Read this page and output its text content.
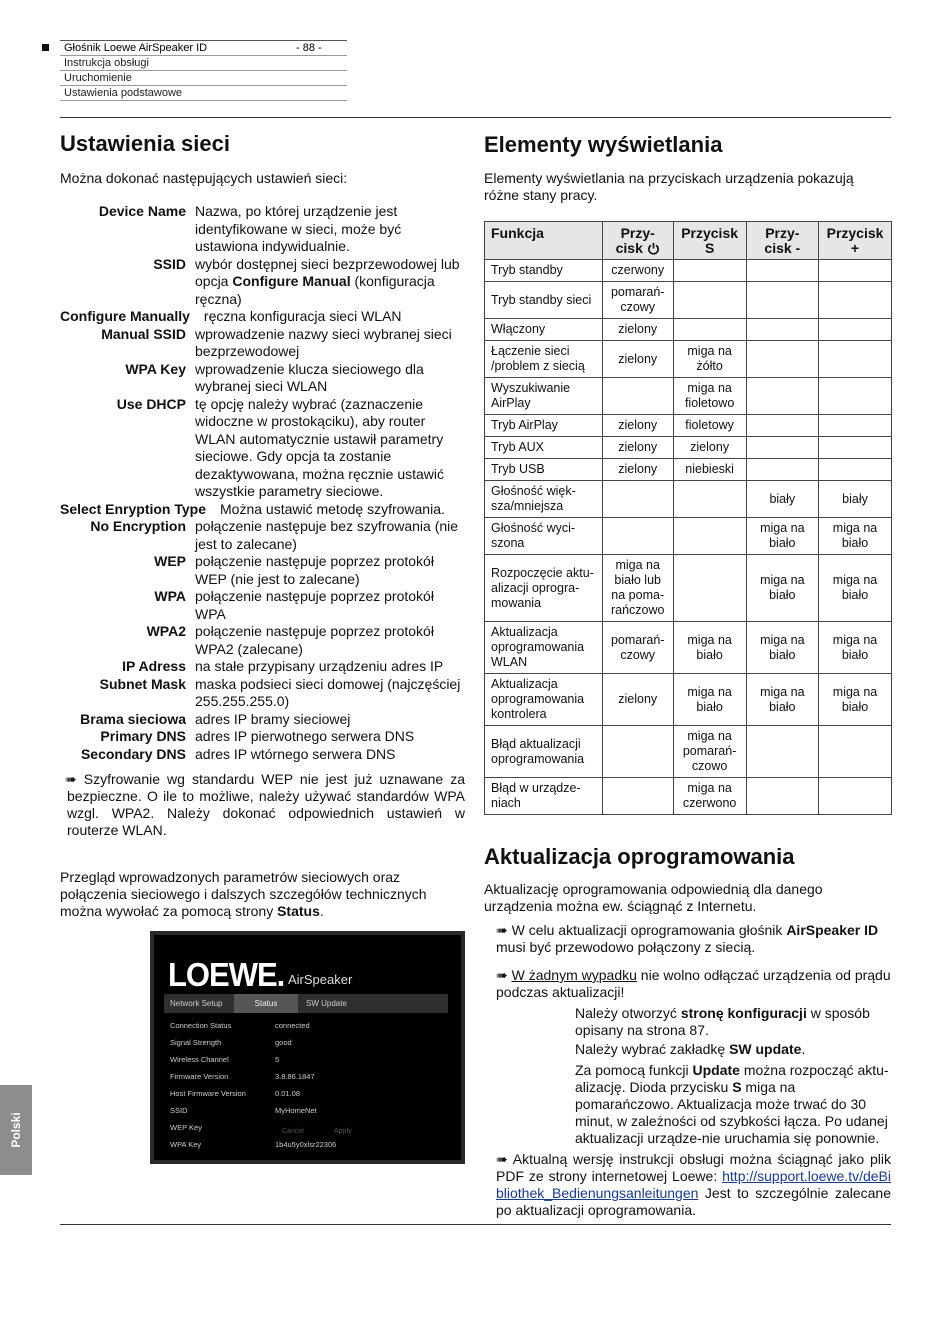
Głośnik Loewe AirSpeaker ID	- 88 -
Instrukcja obsługi
Uruchomienie
Ustawienia podstawowe
Ustawienia sieci
Można dokonać następujących ustawień sieci:
Device Name Nazwa, po której urządzenie jest identyfikowane w sieci, może być ustawiona indywidualnie.
SSID wybór dostępnej sieci bezprzewodowej lub opcja Configure Manual (konfiguracja ręczna)
Configure Manually	ręczna konfiguracja sieci WLAN
Manual SSID wprowadzenie nazwy sieci wybranej sieci bezprzewodowej
WPA Key wprowadzenie klucza sieciowego dla wybranej sieci WLAN
Use DHCP tę opcję należy wybrać (zaznaczenie widoczne w prostokąciku), aby router WLAN automatycznie ustawił parametry sieciowe. Gdy opcja ta zostanie dezaktywowana, można ręcznie ustawić wszystkie parametry sieciowe.
Select Enryption Type	Można ustawić metodę szyfrowania.
No Encryption połączenie następuje bez szyfrowania (nie jest to zalecane)
WEP połączenie następuje poprzez protokół WEP (nie jest to zalecane)
WPA połączenie następuje poprzez protokół WPA
WPA2 połączenie następuje poprzez protokół WPA2 (zalecane)
IP Adress na stałe przypisany urządzeniu adres IP
Subnet Mask maska podsieci sieci domowej (najczęściej 255.255.255.0)
Brama sieciowa adres IP bramy sieciowej
Primary DNS adres IP pierwotnego serwera DNS
Secondary DNS adres IP wtórnego serwera DNS
➠ Szyfrowanie wg standardu WEP nie jest już uznawane za bezpieczne. O ile to możliwe, należy używać standardów WPA wzgl. WPA2. Należy dokonać odpowiednich ustawień w routerze WLAN.
Przegląd wprowadzonych parametrów sieciowych oraz połączenia sieciowego i dalszych szczegółów technicznych można wywołać za pomocą strony Status.
LOEWE. AirSpeaker
Network Setup	Status	SW Update
Connection Status	connected
Signal Strength	good
Wireless Channel	5
Firmware Version	3.8.86.1847
Host Firmware Version	0.01.08
SSID	MyHomeNet
WEP Key	Cancel	Apply
WPA Key	1b4u5y0xlsr22306
Elementy wyświetlania
Elementy wyświetlania na przyciskach urządzenia pokazują różne stany pracy.
Funkcja	Przy-cisk	Przycisk S	Przy-cisk -	Przycisk +
Tryb standby	czerwony			
Tryb standby sieci	pomarań-czowy			
Włączony	zielony			
Łączenie sieci /problem z siecią	zielony	miga na żółto		
Wyszukiwanie AirPlay		miga na fioletowo		
Tryb AirPlay	zielony	fioletowy		
Tryb AUX	zielony	zielony		
Tryb USB	zielony	niebieski		
Głośność więk-sza/mniejsza			biały	biały
Głośność wyci-szona			miga na biało	miga na biało
Rozpoczęcie aktu-alizacji oprogra-mowania	miga na biało lub na poma-rańczowo		miga na biało	miga na biało
Aktualizacja oprogramowania WLAN	pomarań-czowy	miga na biało	miga na biało	miga na biało
Aktualizacja oprogramowania kontrolera	zielony	miga na biało	miga na biało	miga na biało
Błąd aktualizacji oprogramowania		miga na pomarań-czowo		
Błąd w urządze-niach		miga na czerwono		
Aktualizacja oprogramowania
Aktualizację oprogramowania odpowiednią dla danego urządzenia można ew. ściągnąć z Internetu.
➠ W celu aktualizacji oprogramowania głośnik AirSpeaker ID musi być przewodowo połączony z siecią.
➠ W żadnym wypadku nie wolno odłączać urządzenia od prądu podczas aktualizacji!
Należy otworzyć stronę konfiguracji w sposób opisany na strona 87.
Należy wybrać zakładkę SW update.
Za pomocą funkcji Update można rozpocząć aktu-alizację. Dioda przycisku S miga na pomarańczowo. Aktualizacja może trwać do 30 minut, w zależności od szybkości łącza. Po udanej aktualizacji urządze-nie uruchamia się ponownie.
➠ Aktualną wersję instrukcji obsługi można ściągnąć jako plik PDF ze strony internetowej Loewe: http://support.loewe.tv/deBibliothek_Bedienungsanleitungen Jest to szczególnie zalecane po aktualizacji oprogramowania.
Polski
